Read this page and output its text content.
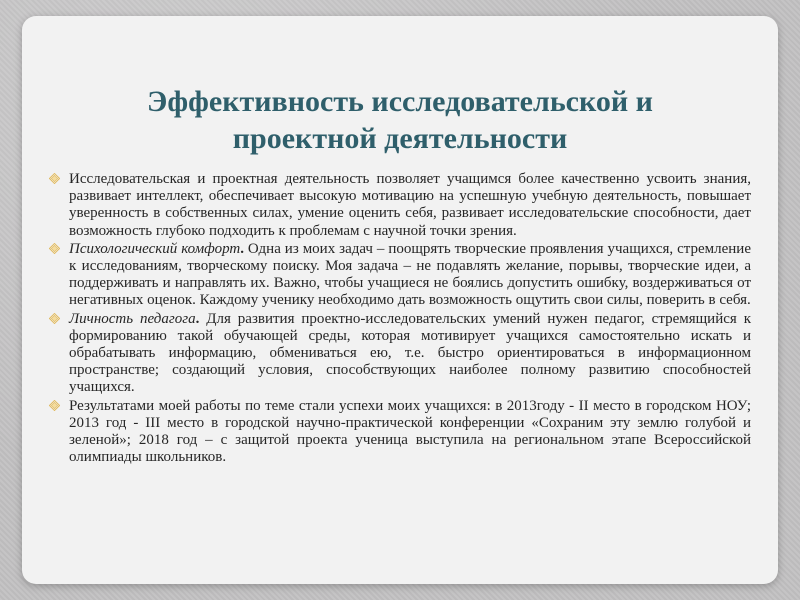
Эффективность исследовательской и
проектной деятельности
Исследовательская и проектная деятельность позволяет учащимся более качественно усвоить знания, развивает интеллект, обеспечивает высокую мотивацию на успешную учебную деятельность, повышает уверенность в собственных силах, умение оценить себя, развивает исследовательские способности, дает возможность глубоко подходить к проблемам с научной точки зрения.
Психологический комфорт. Одна из моих задач – поощрять творческие проявления учащихся, стремление к исследованиям, творческому поиску. Моя задача – не подавлять желание, порывы, творческие идеи, а поддерживать и направлять их. Важно, чтобы учащиеся не боялись допустить ошибку, воздерживаться от негативных оценок. Каждому ученику необходимо дать возможность ощутить свои силы, поверить в себя.
Личность педагога. Для развития проектно-исследовательских умений нужен педагог, стремящийся к формированию такой обучающей среды, которая мотивирует учащихся самостоятельно искать и обрабатывать информацию, обмениваться ею, т.е. быстро ориентироваться в информационном пространстве; создающий условия, способствующих наиболее полному развитию способностей учащихся.
Результатами моей работы по теме стали успехи моих учащихся: в 2013году - II место в городском НОУ; 2013 год - III место в городской научно-практической конференции «Сохраним эту землю голубой и зеленой»; 2018 год – с защитой проекта ученица выступила на региональном этапе Всероссийской олимпиады школьников.
